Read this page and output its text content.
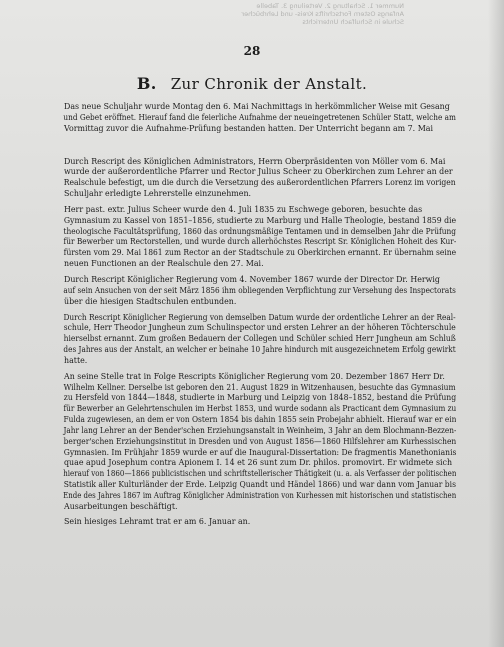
Nummer 1. Schaltung 2. Verteilung 3. Tabelle
Anfangs Ostern Fortschrifts Kreis- und Lehrbücher
Schule in Schulfach Unterrichts
28
B. Zur Chronik der Anstalt.

Das neue Schuljahr wurde Montag den 6. Mai Nachmittags in herkömmlicher Weise mit Gesang
und Gebet eröffnet. Hierauf fand die feierliche Aufnahme der neueingetretenen Schüler Statt, welche am
Vormittag zuvor die Aufnahme-Prüfung bestanden hatten. Der Unterricht begann am 7. Mai

Durch Rescript des Königlichen Administrators, Herrn Oberpräsidenten von Möller vom 6. Mai
wurde der außerordentliche Pfarrer und Rector Julius Scheer zu Oberkirchen zum Lehrer an der
Realschule befestigt, um die durch die Versetzung des außerordentlichen Pfarrers Lorenz im vorigen
Schuljahr erledigte Lehrerstelle einzunehmen.

Herr past. extr. Julius Scheer wurde den 4. Juli 1835 zu Eschwege geboren, besuchte das
Gymnasium zu Kassel von 1851–1856, studierte zu Marburg und Halle Theologie, bestand 1859 die
theologische Facultätsprüfung, 1860 das ordnungsmäßige Tentamen und in demselben Jahr die Prüfung
für Bewerber um Rectorstellen, und wurde durch allerhöchstes Rescript Sr. Königlichen Hoheit des Kur-
fürsten vom 29. Mai 1861 zum Rector an der Stadtschule zu Oberkirchen ernannt. Er übernahm seine
neuen Functionen an der Realschule den 27. Mai.

Durch Rescript Königlicher Regierung vom 4. November 1867 wurde der Director Dr. Herwig
auf sein Ansuchen von der seit März 1856 ihm obliegenden Verpflichtung zur Versehung des Inspectorats
über die hiesigen Stadtschulen entbunden.

Durch Rescript Königlicher Regierung von demselben Datum wurde der ordentliche Lehrer an der Real-
schule, Herr Theodor Jungheun zum Schulinspector und ersten Lehrer an der höheren Töchterschule
hierselbst ernannt. Zum großen Bedauern der Collegen und Schüler schied Herr Jungheun am Schluß
des Jahres aus der Anstalt, an welcher er beinahe 10 Jahre hindurch mit ausgezeichnetem Erfolg gewirkt
hatte.

An seine Stelle trat in Folge Rescripts Königlicher Regierung vom 20. Dezember 1867 Herr Dr.
Wilhelm Kellner. Derselbe ist geboren den 21. August 1829 in Witzenhausen, besuchte das Gymnasium
zu Hersfeld von 1844—1848, studierte in Marburg und Leipzig von 1848–1852, bestand die Prüfung
für Bewerber an Gelehrtenschulen im Herbst 1853, und wurde sodann als Practicant dem Gymnasium zu
Fulda zugewiesen, an dem er von Ostern 1854 bis dahin 1855 sein Probejahr abhielt. Hierauf war er ein
Jahr lang Lehrer an der Bender'schen Erziehungsanstalt in Weinheim, 3 Jahr an dem Blochmann-Bezzen-
berger'schen Erziehungsinstitut in Dresden und von August 1856—1860 Hilfslehrer am Kurhessischen
Gymnasien. Im Frühjahr 1859 wurde er auf die Inaugural-Dissertation: De fragmentis Manethonianis
quae apud Josephum contra Apionem I. 14 et 26 sunt zum Dr. philos. promovirt. Er widmete sich
hierauf von 1860—1866 publicistischen und schriftstellerischer Thätigkeit (u. a. als Verfasser der politischen
Statistik aller Kulturländer der Erde. Leipzig Quandt und Händel 1866) und war dann vom Januar bis
Ende des Jahres 1867 im Auftrag Königlicher Administration von Kurhessen mit historischen und statistischen
Ausarbeitungen beschäftigt.

Sein hiesiges Lehramt trat er am 6. Januar an.
